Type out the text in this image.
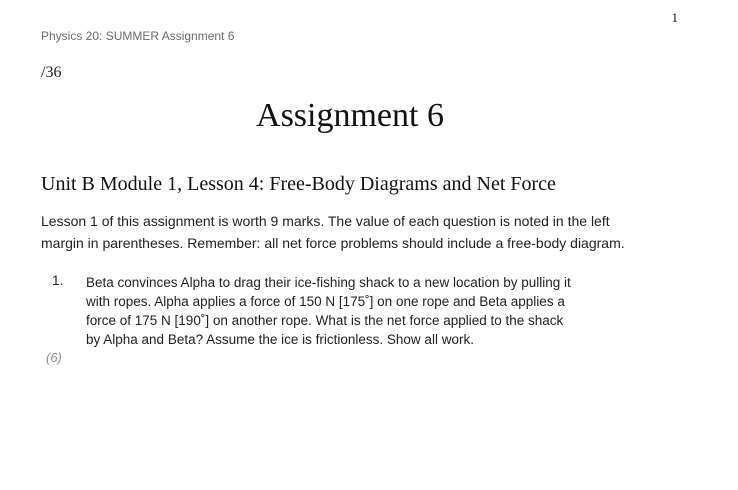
1
Physics 20: SUMMER Assignment 6
/36
Assignment 6
Unit B Module 1, Lesson 4: Free-Body Diagrams and Net Force
Lesson 1 of this assignment is worth 9 marks. The value of each question is noted in the left
margin in parentheses. Remember: all net force problems should include a free-body diagram.
1. Beta convinces Alpha to drag their ice-fishing shack to a new location by pulling it
with ropes. Alpha applies a force of 150 N [175˚] on one rope and Beta applies a
force of 175 N [190˚] on another rope. What is the net force applied to the shack
by Alpha and Beta? Assume the ice is frictionless. Show all work.
(6)
